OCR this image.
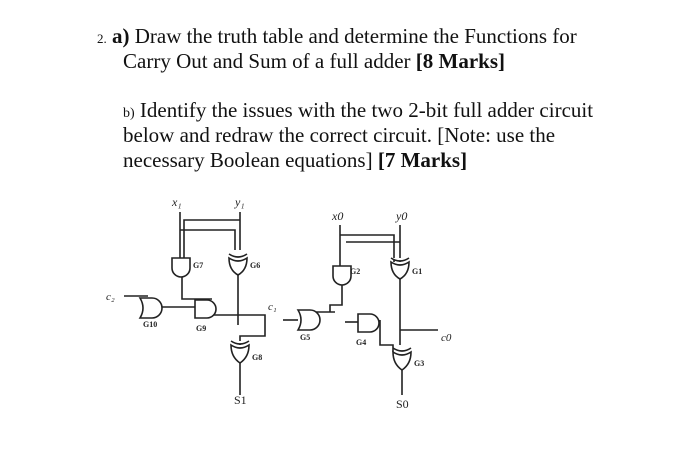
2. a) Draw the truth table and determine the Functions for
Carry Out and Sum of a full adder [8 Marks]
b) Identify the issues with the two 2-bit full adder circuit
below and redraw the correct circuit. [Note: use the
necessary Boolean equations] [7 Marks]
x₁	y₁
x0	y0
c₂
c₁
c0
S1	S0
G7	G6
G2	G1
G10	G9
G8
G5
G4
G3
